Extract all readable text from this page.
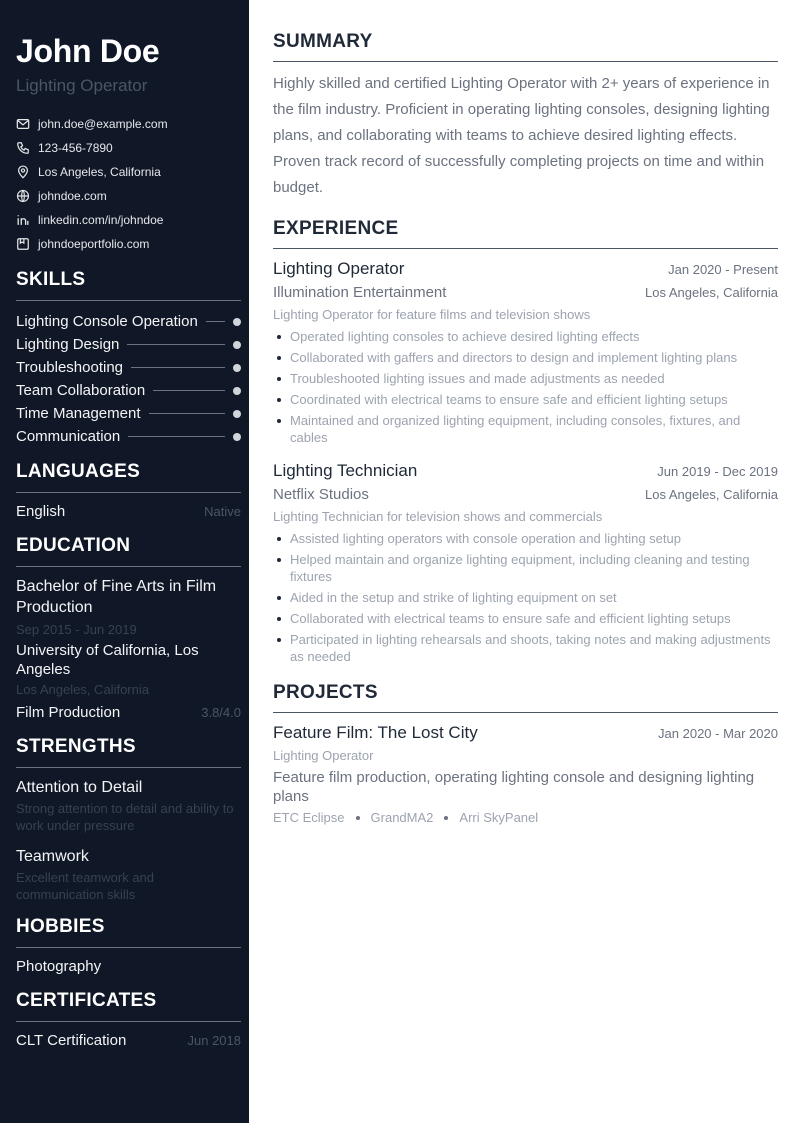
John Doe
Lighting Operator
john.doe@example.com
123-456-7890
Los Angeles, California
johndoe.com
linkedin.com/in/johndoe
johndoeportfolio.com
SKILLS
Lighting Console Operation
Lighting Design
Troubleshooting
Team Collaboration
Time Management
Communication
LANGUAGES
English	Native
EDUCATION
Bachelor of Fine Arts in Film Production
Sep 2015 - Jun 2019
University of California, Los Angeles
Los Angeles, California
Film Production	3.8/4.0
STRENGTHS
Attention to Detail
Strong attention to detail and ability to work under pressure
Teamwork
Excellent teamwork and communication skills
HOBBIES
Photography
CERTIFICATES
CLT Certification	Jun 2018
SUMMARY

Highly skilled and certified Lighting Operator with 2+ years of experience in the film industry. Proficient in operating lighting consoles, designing lighting plans, and collaborating with teams to achieve desired lighting effects. Proven track record of successfully completing projects on time and within budget.

EXPERIENCE
Lighting Operator	Jan 2020 - Present
Illumination Entertainment	Los Angeles, California
Lighting Operator for feature films and television shows
Operated lighting consoles to achieve desired lighting effects
Collaborated with gaffers and directors to design and implement lighting plans
Troubleshooted lighting issues and made adjustments as needed
Coordinated with electrical teams to ensure safe and efficient lighting setups
Maintained and organized lighting equipment, including consoles, fixtures, and cables
Lighting Technician	Jun 2019 - Dec 2019
Netflix Studios	Los Angeles, California
Lighting Technician for television shows and commercials
Assisted lighting operators with console operation and lighting setup
Helped maintain and organize lighting equipment, including cleaning and testing fixtures
Aided in the setup and strike of lighting equipment on set
Collaborated with electrical teams to ensure safe and efficient lighting setups
Participated in lighting rehearsals and shoots, taking notes and making adjustments as needed
PROJECTS
Feature Film: The Lost City	Jan 2020 - Mar 2020
Lighting Operator
Feature film production, operating lighting console and designing lighting plans
ETC Eclipse GrandMA2 Arri SkyPanel
